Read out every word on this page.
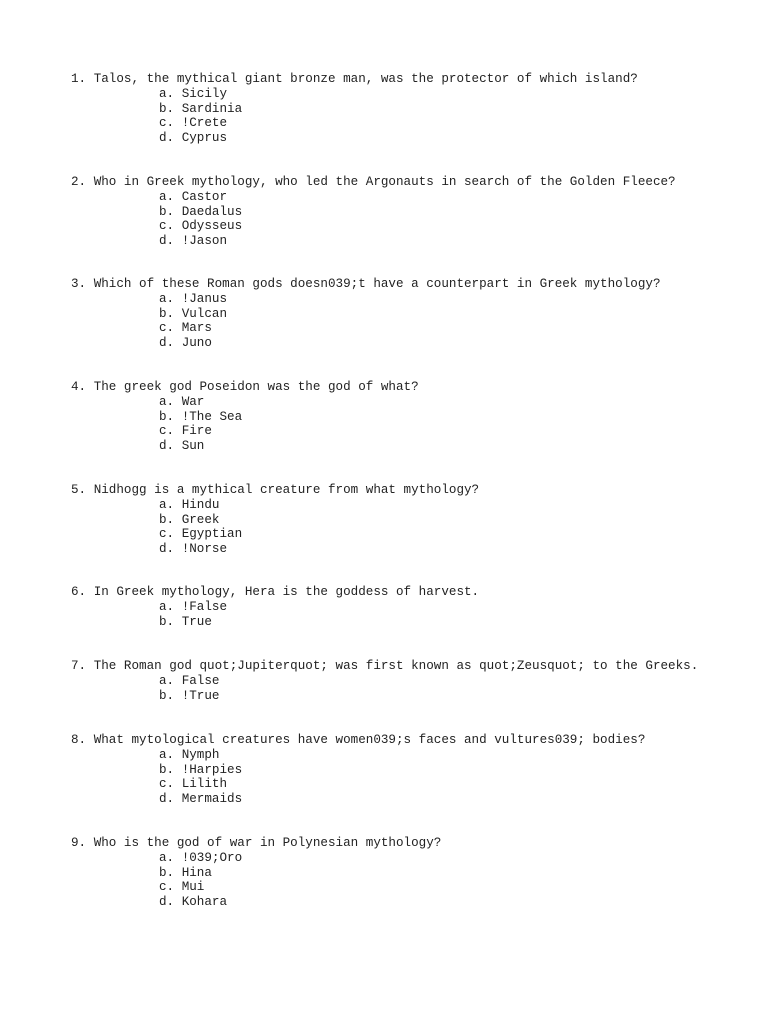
1. Talos, the mythical giant bronze man, was the protector of which island?
a. Sicily
b. Sardinia
c. !Crete
d. Cyprus
2. Who in Greek mythology, who led the Argonauts in search of the Golden Fleece?
a. Castor
b. Daedalus
c. Odysseus
d. !Jason
3. Which of these Roman gods doesn039;t have a counterpart in Greek mythology?
a. !Janus
b. Vulcan
c. Mars
d. Juno
4. The greek god Poseidon was the god of what?
a. War
b. !The Sea
c. Fire
d. Sun
5. Nidhogg is a mythical creature from what mythology?
a. Hindu
b. Greek
c. Egyptian
d. !Norse
6. In Greek mythology, Hera is the goddess of harvest.
a. !False
b. True
7. The Roman god quot;Jupiterquot; was first known as quot;Zeusquot; to the Greeks.
a. False
b. !True
8. What mytological creatures have women039;s faces and vultures039; bodies?
a. Nymph
b. !Harpies
c. Lilith
d. Mermaids
9. Who is the god of war in Polynesian mythology?
a. !039;Oro
b. Hina
c. Mui
d. Kohara
